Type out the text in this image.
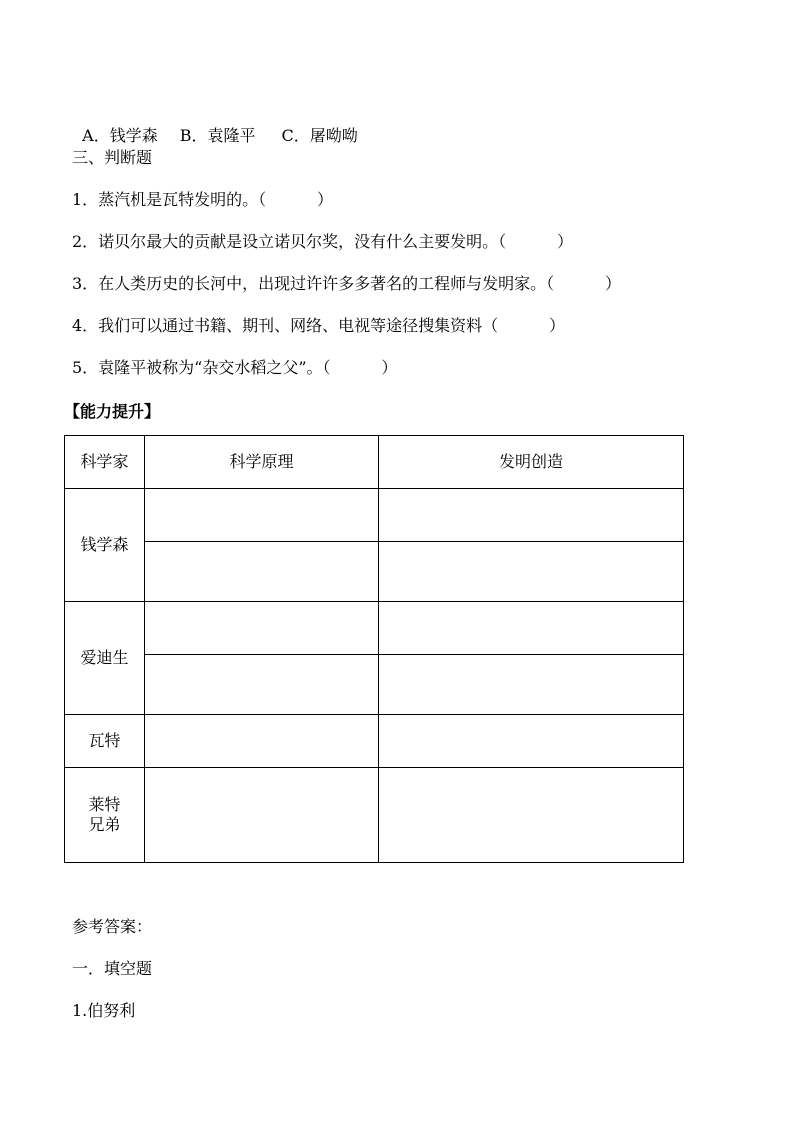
A．钱学森 B．袁隆平 C．屠呦呦

三、判断题
1．蒸汽机是瓦特发明的。（          ）
2．诺贝尔最大的贡献是设立诺贝尔奖，没有什么主要发明。（          ）
3．在人类历史的长河中，出现过许许多多著名的工程师与发明家。（          ）
4．我们可以通过书籍、期刊、网络、电视等途径搜集资料（          ）
5．袁隆平被称为“杂交水稻之父”。（          ）
【能力提升】
科学家	科学原理	发明创造
钱学森		

爱迪生		

瓦特		
莱特兄弟		
参考答案：
一．填空题
1.伯努利
